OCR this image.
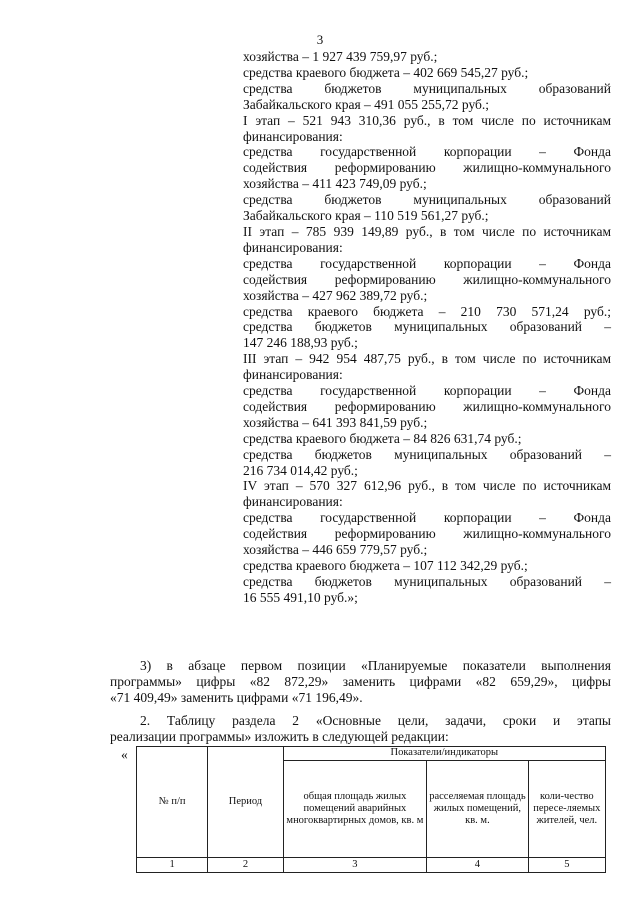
3

хозяйства – 1 927 439 759,97 руб.;

средства краевого бюджета – 402 669 545,27 руб.;

средства бюджетов муниципальных образований

Забайкальского края – 491 055 255,72 руб.;

I этап – 521 943 310,36 руб., в том числе по источникам

финансирования:

средства государственной корпорации – Фонда

содействия реформированию жилищно-коммунального

хозяйства – 411 423 749,09 руб.;

средства бюджетов муниципальных образований

Забайкальского края – 110 519 561,27 руб.;

II этап – 785 939 149,89 руб., в том числе по источникам

финансирования:

средства государственной корпорации – Фонда

содействия реформированию жилищно-коммунального

хозяйства – 427 962 389,72 руб.;

средства краевого бюджета – 210 730 571,24 руб.;

средства бюджетов муниципальных образований –

147 246 188,93 руб.;

III этап – 942 954 487,75 руб., в том числе по источникам

финансирования:

средства государственной корпорации – Фонда

содействия реформированию жилищно-коммунального

хозяйства – 641 393 841,59 руб.;

средства краевого бюджета – 84 826 631,74 руб.;

средства бюджетов муниципальных образований –

216 734 014,42 руб.;

IV этап – 570 327 612,96 руб., в том числе по источникам

финансирования:

средства государственной корпорации – Фонда

содействия реформированию жилищно-коммунального

хозяйства – 446 659 779,57 руб.;

средства краевого бюджета – 107 112 342,29 руб.;

средства бюджетов муниципальных образований –

16 555 491,10 руб.»;

3) в абзаце первом позиции «Планируемые показатели выполнения

программы» цифры «82 872,29» заменить цифрами «82 659,29», цифры

«71 409,49» заменить цифрами «71 196,49».

2. Таблицу раздела 2 «Основные цели, задачи, сроки и этапы

реализации программы» изложить в следующей редакции:

«
№ п/п	Период	Показатели/индикаторы		
		общая площадь жилых помещений аварийных многоквартирных домов, кв. м	расселяемая площадь жилых помещений, кв. м.	коли-чество пересе-ляемых жителей, чел.
1	2	3	4	5
